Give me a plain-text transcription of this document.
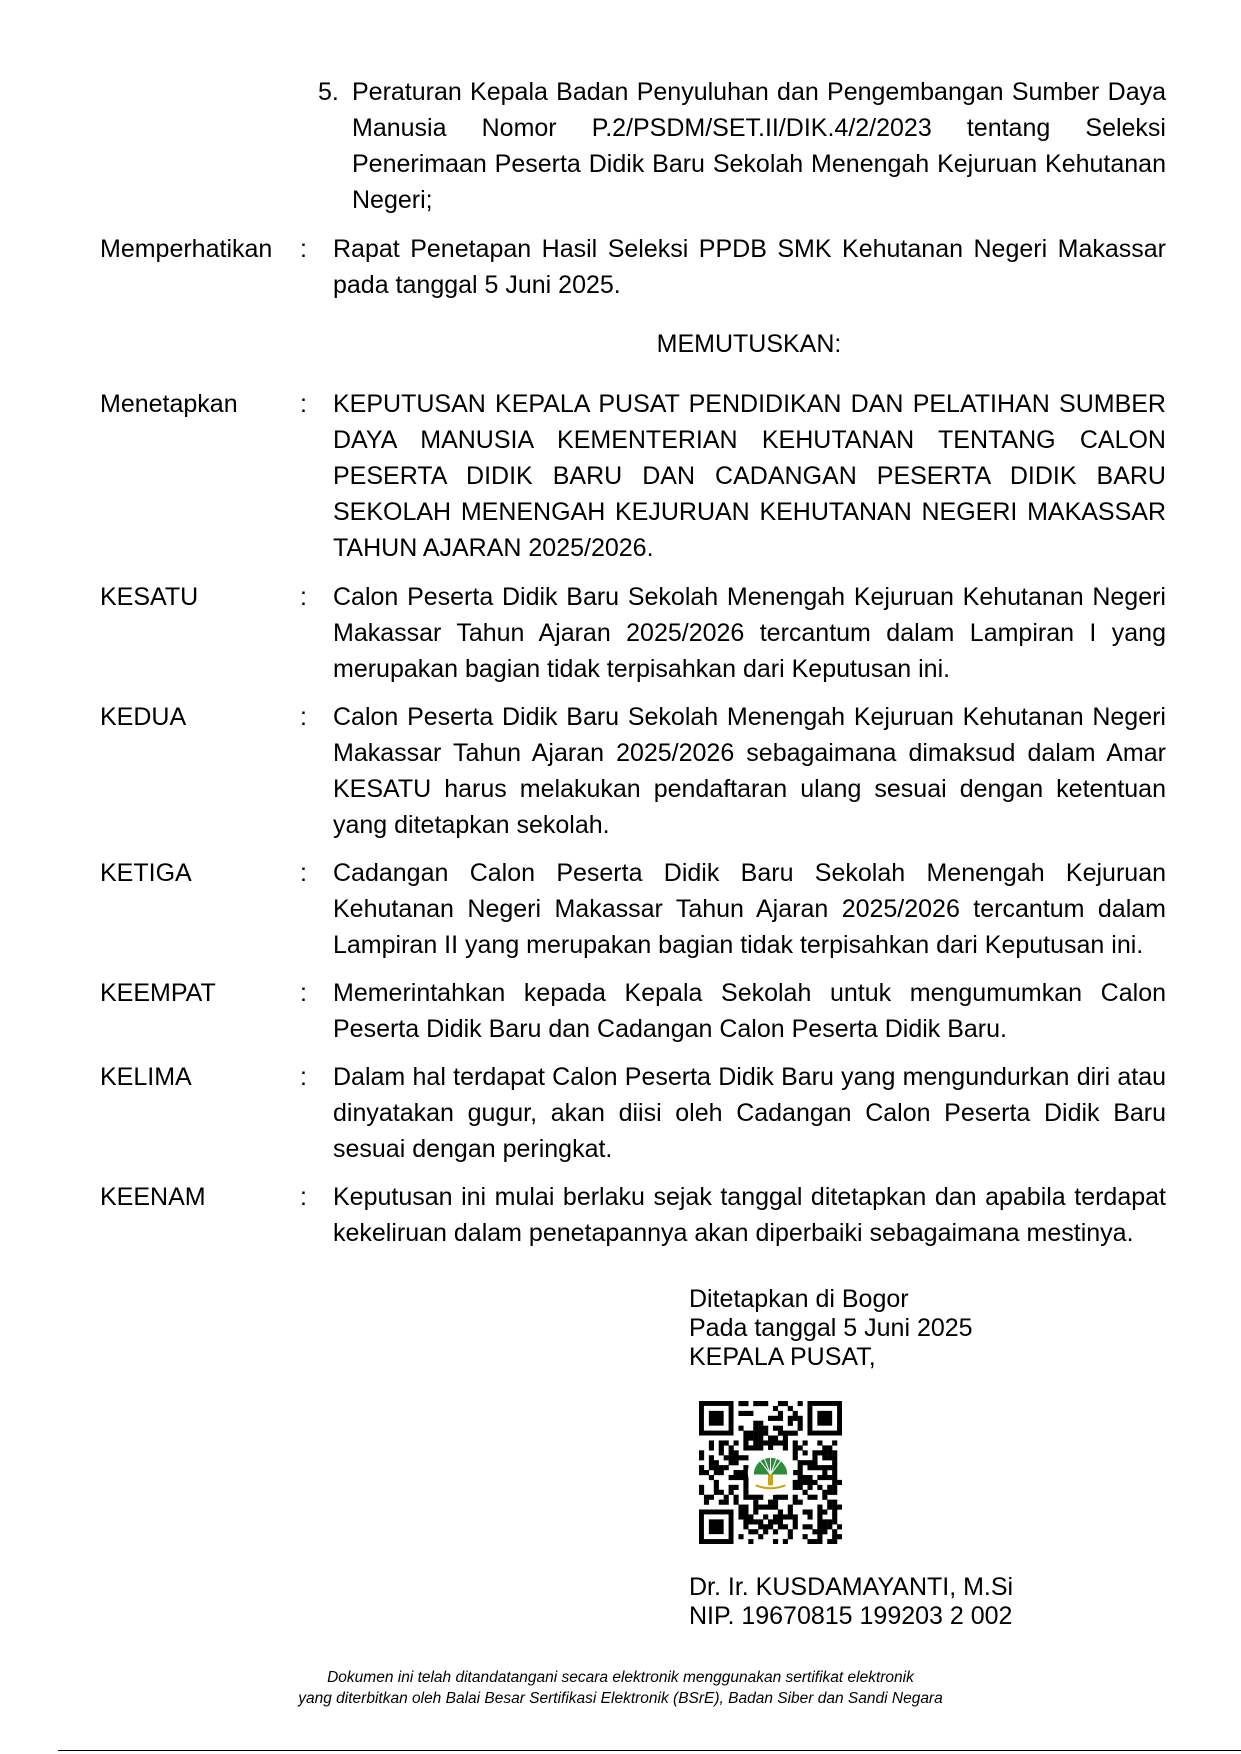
5. Peraturan Kepala Badan Penyuluhan dan Pengembangan Sumber Daya Manusia Nomor P.2/PSDM/SET.II/DIK.4/2/2023 tentang Seleksi Penerimaan Peserta Didik Baru Sekolah Menengah Kejuruan Kehutanan Negeri;
Memperhatikan : Rapat Penetapan Hasil Seleksi PPDB SMK Kehutanan Negeri Makassar pada tanggal 5 Juni 2025.
MEMUTUSKAN:
Menetapkan : KEPUTUSAN KEPALA PUSAT PENDIDIKAN DAN PELATIHAN SUMBER DAYA MANUSIA KEMENTERIAN KEHUTANAN TENTANG CALON PESERTA DIDIK BARU DAN CADANGAN PESERTA DIDIK BARU SEKOLAH MENENGAH KEJURUAN KEHUTANAN NEGERI MAKASSAR TAHUN AJARAN 2025/2026.
KESATU	: Calon Peserta Didik Baru Sekolah Menengah Kejuruan Kehutanan Negeri Makassar Tahun Ajaran 2025/2026 tercantum dalam Lampiran I yang merupakan bagian tidak terpisahkan dari Keputusan ini.
KEDUA	: Calon Peserta Didik Baru Sekolah Menengah Kejuruan Kehutanan Negeri Makassar Tahun Ajaran 2025/2026 sebagaimana dimaksud dalam Amar KESATU harus melakukan pendaftaran ulang sesuai dengan ketentuan yang ditetapkan sekolah.
KETIGA	: Cadangan Calon Peserta Didik Baru Sekolah Menengah Kejuruan Kehutanan Negeri Makassar Tahun Ajaran 2025/2026 tercantum dalam Lampiran II yang merupakan bagian tidak terpisahkan dari Keputusan ini.
KEEMPAT	: Memerintahkan kepada Kepala Sekolah untuk mengumumkan Calon Peserta Didik Baru dan Cadangan Calon Peserta Didik Baru.
KELIMA	: Dalam hal terdapat Calon Peserta Didik Baru yang mengundurkan diri atau dinyatakan gugur, akan diisi oleh Cadangan Calon Peserta Didik Baru sesuai dengan peringkat.
KEENAM	: Keputusan ini mulai berlaku sejak tanggal ditetapkan dan apabila terdapat kekeliruan dalam penetapannya akan diperbaiki sebagaimana mestinya.
Ditetapkan di Bogor
Pada tanggal 5 Juni 2025
KEPALA PUSAT,
Dr. Ir. KUSDAMAYANTI, M.Si
NIP. 19670815 199203 2 002
Dokumen ini telah ditandatangani secara elektronik menggunakan sertifikat elektronik
yang diterbitkan oleh Balai Besar Sertifikasi Elektronik (BSrE), Badan Siber dan Sandi Negara
